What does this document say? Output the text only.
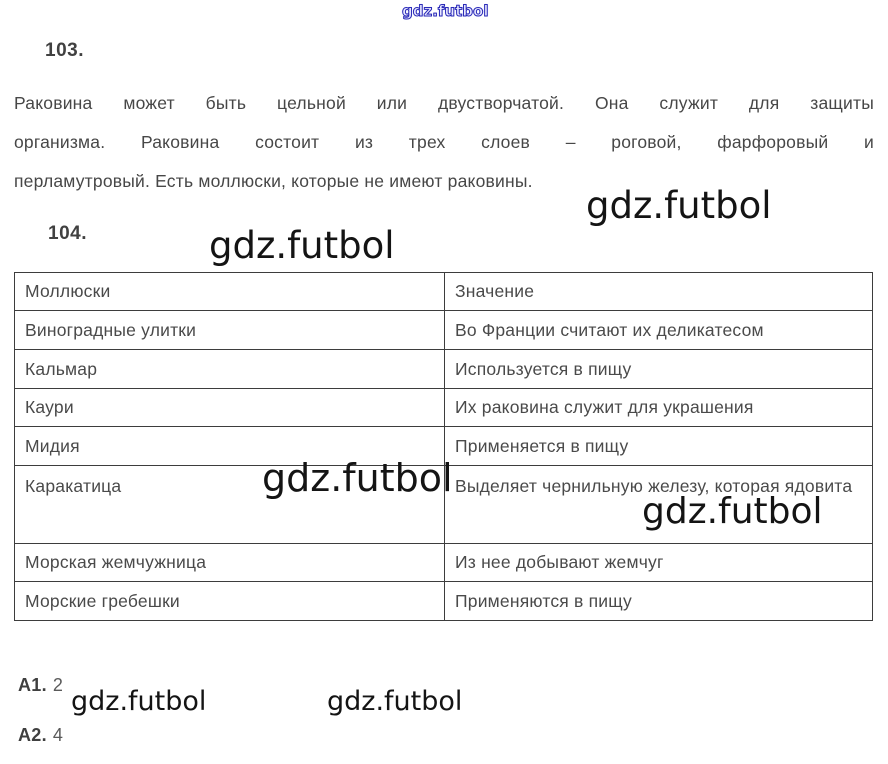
gdz.futbol
103.
Раковина может быть цельной или двустворчатой. Она служит для защиты
организма. Раковина состоит из трех слоев – роговой, фарфоровый и
перламутровый. Есть моллюски, которые не имеют раковины.
gdz.futbol
104.	gdz.futbol
Моллюски	Значение
Виноградные улитки	Во Франции считают их деликатесом
Кальмар	Используется в пищу
Каури	Их раковина служит для украшения
Мидия	Применяется в пищу
Каракатица	Выделяет чернильную железу, которая ядовита
Морская жемчужница	Из нее добывают жемчуг
Морские гребешки	Применяются в пищу
gdz.futbol
gdz.futbol
А1. 2
gdz.futbol	gdz.futbol
А2. 4
